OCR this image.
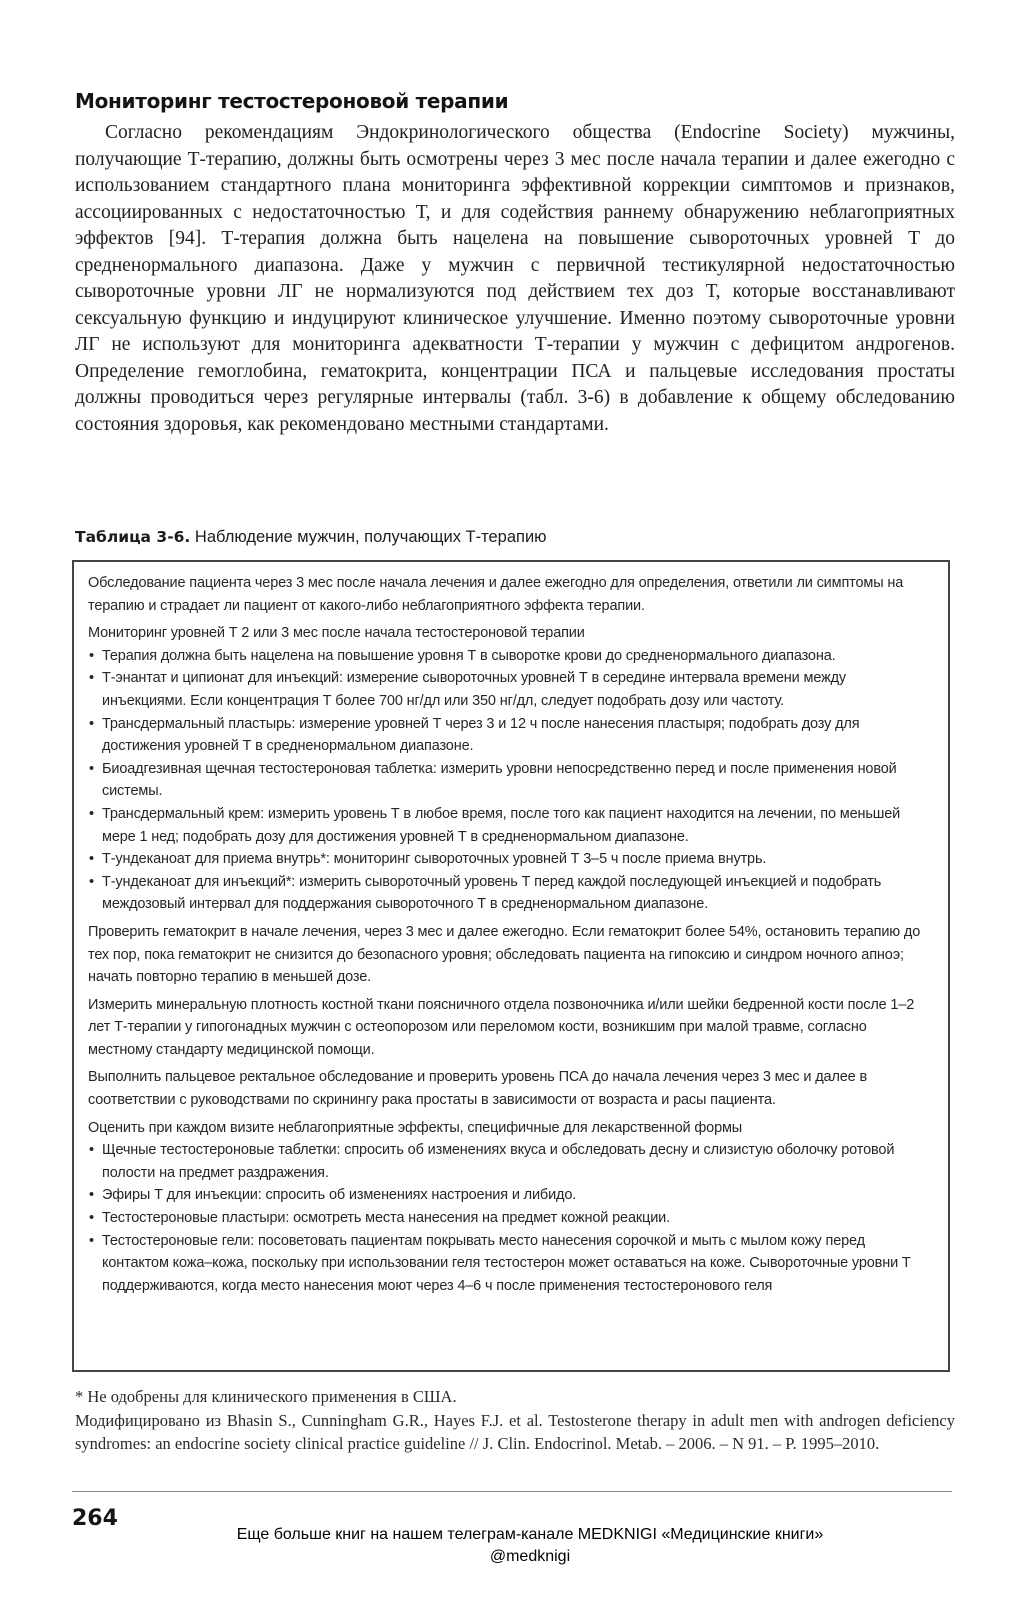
Мониторинг тестостероновой терапии
Согласно рекомендациям Эндокринологического общества (Endocrine Society) мужчины, получающие Т-терапию, должны быть осмотрены через 3 мес после начала терапии и далее ежегодно с использованием стандартного плана мониторинга эффективной коррекции симптомов и признаков, ассоциированных с недостаточностью Т, и для содействия раннему обнаружению неблагоприятных эффектов [94]. Т-терапия должна быть нацелена на повышение сывороточных уровней Т до средненормального диапазона. Даже у мужчин с первичной тестикулярной недостаточностью сывороточные уровни ЛГ не нормализуются под действием тех доз Т, которые восстанавливают сексуальную функцию и индуцируют клиническое улучшение. Именно поэтому сывороточные уровни ЛГ не используют для мониторинга адекватности Т-терапии у мужчин с дефицитом андрогенов. Определение гемоглобина, гематокрита, концентрации ПСА и пальцевые исследования простаты должны проводиться через регулярные интервалы (табл. 3-6) в добавление к общему обследованию состояния здоровья, как рекомендовано местными стандартами.
Таблица 3-6. Наблюдение мужчин, получающих Т-терапию

Обследование пациента через 3 мес после начала лечения и далее ежегодно для определения, ответили ли симптомы на терапию и страдает ли пациент от какого-либо неблагоприятного эффекта терапии.

Мониторинг уровней Т 2 или 3 мес после начала тестостероновой терапии

• Терапия должна быть нацелена на повышение уровня Т в сыворотке крови до средненормального диапазона.
• Т-энантат и ципионат для инъекций: измерение сывороточных уровней Т в середине интервала времени между инъекциями. Если концентрация Т более 700 нг/дл или 350 нг/дл, следует подобрать дозу или частоту.
• Трансдермальный пластырь: измерение уровней Т через 3 и 12 ч после нанесения пластыря; подобрать дозу для достижения уровней Т в средненормальном диапазоне.
• Биоадгезивная щечная тестостероновая таблетка: измерить уровни непосредственно перед и после применения новой системы.
• Трансдермальный крем: измерить уровень Т в любое время, после того как пациент находится на лечении, по меньшей мере 1 нед; подобрать дозу для достижения уровней Т в средненормальном диапазоне.
• Т-ундеканоат для приема внутрь*: мониторинг сывороточных уровней Т 3–5 ч после приема внутрь.
• Т-ундеканоат для инъекций*: измерить сывороточный уровень Т перед каждой последующей инъекцией и подобрать междозовый интервал для поддержания сывороточного Т в средненормальном диапазоне.

Проверить гематокрит в начале лечения, через 3 мес и далее ежегодно. Если гематокрит более 54%, остановить терапию до тех пор, пока гематокрит не снизится до безопасного уровня; обследовать пациента на гипоксию и синдром ночного апноэ; начать повторно терапию в меньшей дозе.

Измерить минеральную плотность костной ткани поясничного отдела позвоночника и/или шейки бедренной кости после 1–2 лет Т-терапии у гипогонадных мужчин с остеопорозом или переломом кости, возникшим при малой травме, согласно местному стандарту медицинской помощи.

Выполнить пальцевое ректальное обследование и проверить уровень ПСА до начала лечения через 3 мес и далее в соответствии с руководствами по скринингу рака простаты в зависимости от возраста и расы пациента.

Оценить при каждом визите неблагоприятные эффекты, специфичные для лекарственной формы

• Щечные тестостероновые таблетки: спросить об изменениях вкуса и обследовать десну и слизистую оболочку ротовой полости на предмет раздражения.
• Эфиры Т для инъекции: спросить об изменениях настроения и либидо.
• Тестостероновые пластыри: осмотреть места нанесения на предмет кожной реакции.
• Тестостероновые гели: посоветовать пациентам покрывать место нанесения сорочкой и мыть с мылом кожу перед контактом кожа–кожа, поскольку при использовании геля тестостерон может оставаться на коже. Сывороточные уровни Т поддерживаются, когда место нанесения моют через 4–6 ч после применения тестостеронового геля

* Не одобрены для клинического применения в США.

Модифицировано из Bhasin S., Cunningham G.R., Hayes F.J. et al. Testosterone therapy in adult men with androgen deficiency syndromes: an endocrine society clinical practice guideline // J. Clin. Endocrinol. Metab. – 2006. – N 91. – P. 1995–2010.

264
Еще больше книг на нашем телеграм-канале MEDKNIGI «Медицинские книги»
@medknigi
